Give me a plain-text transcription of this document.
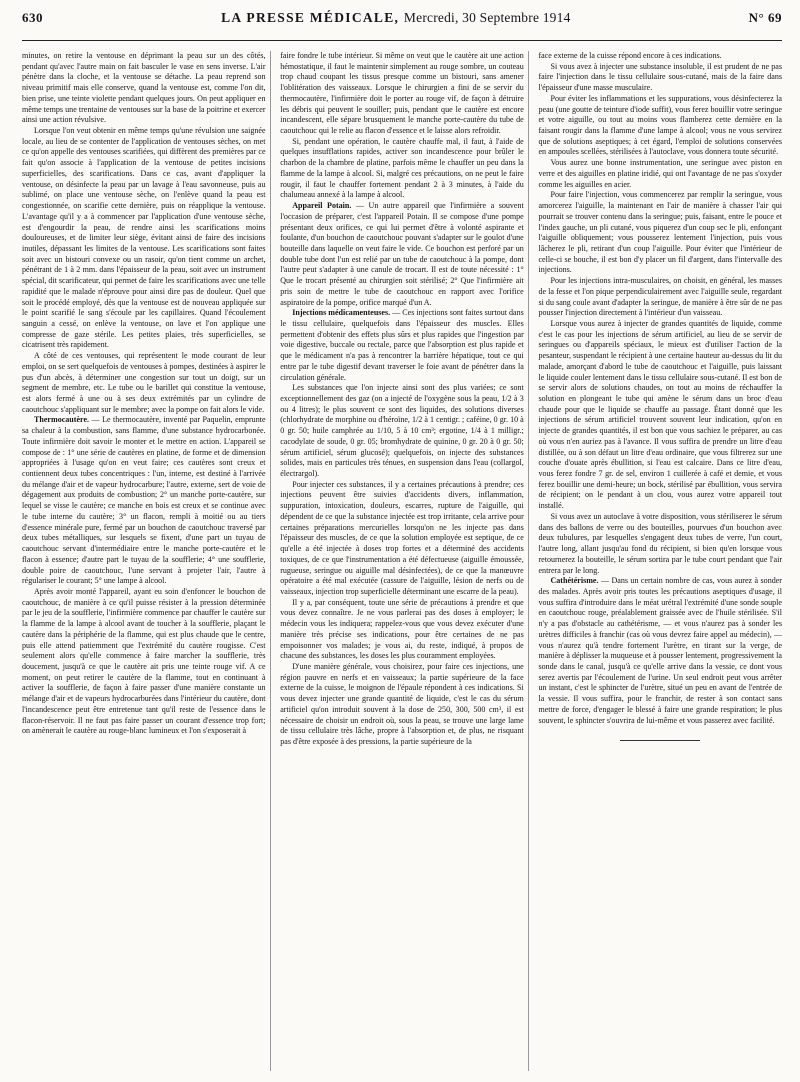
630	LA PRESSE MÉDICALE, Mercredi, 30 Septembre 1914	N° 69

minutes, on retire la ventouse en déprimant la peau sur un des côtés, pendant qu'avec l'autre main on fait basculer le vase en sens inverse. L'air pénètre dans la cloche, et la ventouse se détache. La peau reprend son niveau primitif mais elle conserve, quand la ventouse est, comme l'on dit, bien prise, une teinte violette pendant quelques jours. On peut appliquer en même temps une trentaine de ventouses sur la base de la poitrine et exercer ainsi une action révulsive.

Lorsque l'on veut obtenir en même temps qu'une révulsion une saignée locale, au lieu de se contenter de l'application de ventouses sèches, on met ce qu'on appelle des ventouses scarifiées, qui diffèrent des premières par ce fait qu'on associe à l'application de la ventouse de petites incisions superficielles, des scarifications. Dans ce cas, avant d'appliquer la ventouse, on désinfecte la peau par un lavage à l'eau savonneuse, puis au sublimé, on place une ventouse sèche, on l'enlève quand la peau est congestionnée, on scarifie cette dernière, puis on réapplique la ventouse. L'avantage qu'il y a à commencer par l'application d'une ventouse sèche, est d'engourdir la peau, de rendre ainsi les scarifications moins douloureuses, et de limiter leur siège, évitant ainsi de faire des incisions inutiles, dépassant les limites de la ventouse. Les scarifications sont faites soit avec un bistouri convexe ou un rasoir, qu'on tient comme un archet, pénétrant de 1 à 2 mm. dans l'épaisseur de la peau, soit avec un instrument spécial, dit scarificateur, qui permet de faire les scarifications avec une telle rapidité que le malade n'éprouve pour ainsi dire pas de douleur. Quel que soit le procédé employé, dès que la ventouse est de nouveau appliquée sur le point scarifié le sang s'écoule par les capillaires. Quand l'écoulement sanguin a cessé, on enlève la ventouse, on lave et l'on applique une compresse de gaze stérile. Les petites plaies, très superficielles, se cicatrisent très rapidement.

A côté de ces ventouses, qui représentent le mode courant de leur emploi, on se sert quelquefois de ventouses à pompes, destinées à aspirer le pus d'un abcès, à déterminer une congestion sur tout un doigt, sur un segment de membre, etc. Le tube ou le barillet qui constitue la ventouse, est alors fermé à une ou à ses deux extrémités par un cylindre de caoutchouc s'appliquant sur le membre; avec la pompe on fait alors le vide.

Thermocautère. — Le thermocautère, inventé par Paquelin, emprunte sa chaleur à la combustion, sans flamme, d'une substance hydrocarbonée. Toute infirmière doit savoir le monter et le mettre en action. L'appareil se compose de : 1° une série de cautères en platine, de forme et de dimension appropriées à l'usage qu'on en veut faire; ces cautères sont creux et contiennent deux tubes concentriques : l'un, interne, est destiné à l'arrivée du mélange d'air et de vapeur hydrocarbure; l'autre, externe, sert de voie de dégagement aux produits de combustion; 2° un manche porte-cautère, sur lequel se visse le cautère; ce manche en bois est creux et se continue avec le tube interne du cautère; 3° un flacon, rempli à moitié ou au tiers d'essence minérale pure, fermé par un bouchon de caoutchouc traversé par deux tubes métalliques, sur lesquels se fixent, d'une part un tuyau de caoutchouc servant d'intermédiaire entre le manche porte-cautère et le flacon à essence; d'autre part le tuyau de la soufflerie; 4° une soufflerie, double poire de caoutchouc, l'une servant à projeter l'air, l'autre à régulariser le courant; 5° une lampe à alcool.

Après avoir monté l'appareil, ayant eu soin d'enfoncer le bouchon de caoutchouc, de manière à ce qu'il puisse résister à la pression déterminée par le jeu de la soufflerie, l'infirmière commence par chauffer le cautère sur la flamme de la lampe à alcool avant de toucher à la soufflerie, plaçant le cautère dans la périphérie de la flamme, qui est plus chaude que le centre, puis elle attend patiemment que l'extrémité du cautère rougisse. C'est seulement alors qu'elle commence à faire marcher la soufflerie, très doucement, jusqu'à ce que le cautère ait pris une teinte rouge vif. A ce moment, on peut retirer le cautère de la flamme, tout en continuant à activer la soufflerie, de façon à faire passer d'une manière constante un mélange d'air et de vapeurs hydrocarburées dans l'intérieur du cautère, dont l'incandescence peut être entretenue tant qu'il reste de l'essence dans le flacon-réservoir. Il ne faut pas faire passer un courant d'essence trop fort; on amènerait le cautère au rouge-blanc lumineux et l'on s'exposerait à

faire fondre le tube intérieur. Si même on veut que le cautère ait une action hémostatique, il faut le maintenir simplement au rouge sombre, un couteau trop chaud coupant les tissus presque comme un bistouri, sans amener l'oblitération des vaisseaux. Lorsque le chirurgien a fini de se servir du thermocautère, l'infirmière doit le porter au rouge vif, de façon à détruire les débris qui peuvent le souiller; puis, pendant que le cautère est encore incandescent, elle sépare brusquement le manche porte-cautère du tube de caoutchouc qui le relie au flacon d'essence et le laisse alors refroidir.

Si, pendant une opération, le cautère chauffe mal, il faut, à l'aide de quelques insufflations rapides, activer son incandescence pour brûler le charbon de la chambre de platine, parfois même le chauffer un peu dans la flamme de la lampe à alcool. Si, malgré ces précautions, on ne peut le faire rougir, il faut le chauffer fortement pendant 2 à 3 minutes, à l'aide du chalumeau annexé à la lampe à alcool.

Appareil Potain. — Un autre appareil que l'infirmière a souvent l'occasion de préparer, c'est l'appareil Potain. Il se compose d'une pompe présentant deux orifices, ce qui lui permet d'être à volonté aspirante et foulante, d'un bouchon de caoutchouc pouvant s'adapter sur le goulot d'une bouteille dans laquelle on veut faire le vide. Ce bouchon est perforé par un double tube dont l'un est relié par un tube de caoutchouc à la pompe, dont l'autre peut s'adapter à une canule de trocart. Il est de toute nécessité : 1° Que le trocart présenté au chirurgien soit stérilisé; 2° Que l'infirmière ait pris soin de mettre le tube de caoutchouc en rapport avec l'orifice aspiratoire de la pompe, orifice marqué d'un A.

Injections médicamenteuses. — Ces injections sont faites surtout dans le tissu cellulaire, quelquefois dans l'épaisseur des muscles. Elles permettent d'obtenir des effets plus sûrs et plus rapides que l'ingestion par voie digestive, buccale ou rectale, parce que l'absorption est plus rapide et que le médicament n'a pas à rencontrer la barrière hépatique, tout ce qui entre par le tube digestif devant traverser le foie avant de pénétrer dans la circulation générale.

Les substances que l'on injecte ainsi sont des plus variées; ce sont exceptionnellement des gaz (on a injecté de l'oxygène sous la peau, 1/2 à 3 ou 4 litres); le plus souvent ce sont des liquides, des solutions diverses (chlorhydrate de morphine ou d'héroïne, 1/2 à 1 centigr. ; caféine, 0 gr. 10 à 0 gr. 50; huile camphrée au 1/10, 5 à 10 cm³; ergotine, 1/4 à 1 milligr.; cacodylate de soude, 0 gr. 05; bromhydrate de quinine, 0 gr. 20 à 0 gr. 50; sérum artificiel, sérum glucosé); quelquefois, on injecte des substances solides, mais en particules très ténues, en suspension dans l'eau (collargol, électrargol).

Pour injecter ces substances, il y a certaines précautions à prendre; ces injections peuvent être suivies d'accidents divers, inflammation, suppuration, intoxication, douleurs, escarres, rupture de l'aiguille, qui dépendent de ce que la substance injectée est trop irritante, cela arrive pour certaines préparations mercurielles lorsqu'on ne les injecte pas dans l'épaisseur des muscles, de ce que la solution employée est septique, de ce qu'elle a été injectée à doses trop fortes et a déterminé des accidents toxiques, de ce que l'instrumentation a été défectueuse (aiguille émoussée, rugueuse, seringue ou aiguille mal désinfectées), de ce que la manœuvre opératoire a été mal exécutée (cassure de l'aiguille, lésion de nerfs ou de vaisseaux, injection trop superficielle déterminant une escarre de la peau).

Il y a, par conséquent, toute une série de précautions à prendre et que vous devez connaître. Je ne vous parlerai pas des doses à employer; le médecin vous les indiquera; rappelez-vous que vous devez exécuter d'une manière très précise ses indications, pour être certaines de ne pas empoisonner vos malades; je vous ai, du reste, indiqué, à propos de chacune des substances, les doses les plus couramment employées.

D'une manière générale, vous choisirez, pour faire ces injections, une région pauvre en nerfs et en vaisseaux; la partie supérieure de la face externe de la cuisse, le moignon de l'épaule répondent à ces indications. Si vous devez injecter une grande quantité de liquide, c'est le cas du sérum artificiel qu'on introduit souvent à la dose de 250, 300, 500 cm³, il est nécessaire de choisir un endroit où, sous la peau, se trouve une large lame de tissu cellulaire très lâche, propre à l'absorption et, de plus, ne risquant pas d'être exposée à des pressions, la partie supérieure de la

face externe de la cuisse répond encore à ces indications.

Si vous avez à injecter une substance insoluble, il est prudent de ne pas faire l'injection dans le tissu cellulaire sous-cutané, mais de la faire dans l'épaisseur d'une masse musculaire.

Pour éviter les inflammations et les suppurations, vous désinfecterez la peau (une goutte de teinture d'iode suffit), vous ferez bouillir votre seringue et votre aiguille, ou tout au moins vous flamberez cette dernière en la faisant rougir dans la flamme d'une lampe à alcool; vous ne vous servirez que de solutions aseptiques; à cet égard, l'emploi de solutions conservées en ampoules scellées, stérilisées à l'autoclave, vous donnera toute sécurité.

Vous aurez une bonne instrumentation, une seringue avec piston en verre et des aiguilles en platine iridié, qui ont l'avantage de ne pas s'oxyder comme les aiguilles en acier.

Pour faire l'injection, vous commencerez par remplir la seringue, vous amorcerez l'aiguille, la maintenant en l'air de manière à chasser l'air qui pourrait se trouver contenu dans la seringue; puis, faisant, entre le pouce et l'index gauche, un pli cutané, vous piquerez d'un coup sec le pli, enfonçant l'aiguille obliquement; vous pousserez lentement l'injection, puis vous lâcherez le pli, retirant d'un coup l'aiguille. Pour éviter que l'intérieur de celle-ci se bouche, il est bon d'y placer un fil d'argent, dans l'intervalle des injections.

Pour les injections intra-musculaires, on choisit, en général, les masses de la fesse et l'on pique perpendiculairement avec l'aiguille seule, regardant si du sang coule avant d'adapter la seringue, de manière à être sûr de ne pas pousser l'injection directement à l'intérieur d'un vaisseau.

Lorsque vous aurez à injecter de grandes quantités de liquide, comme c'est le cas pour les injections de sérum artificiel, au lieu de se servir de seringues ou d'appareils spéciaux, le mieux est d'utiliser l'action de la pesanteur, suspendant le récipient à une certaine hauteur au-dessus du lit du malade, amorçant d'abord le tube de caoutchouc et l'aiguille, puis laissant le liquide couler lentement dans le tissu cellulaire sous-cutané. Il est bon de se servir alors de solutions chaudes, on tout au moins de réchauffer la solution en plongeant le tube qui amène le sérum dans un broc d'eau chaude pour que le liquide se chauffe au passage. Étant donné que les injections de sérum artificiel trouvent souvent leur indication, qu'on en injecte de grandes quantités, il est bon que vous sachiez le préparer, au cas où vous n'en auriez pas à l'avance. Il vous suffira de prendre un litre d'eau distillée, ou à son défaut un litre d'eau ordinaire, que vous filtrerez sur une couche d'ouate après ébullition, si l'eau est calcaire. Dans ce litre d'eau, vous ferez fondre 7 gr. de sel, environ 1 cuillerée à café et demie, et vous ferez bouillir une demi-heure; un bock, stérilisé par ébullition, vous servira de récipient; on le pendant à un clou, vous aurez votre appareil tout installé.

Si vous avez un autoclave à votre disposition, vous stériliserez le sérum dans des ballons de verre ou des bouteilles, pourvues d'un bouchon avec deux tubulures, par lesquelles s'engagent deux tubes de verre, l'un court, l'autre long, allant jusqu'au fond du récipient, si bien qu'en lorsque vous retournerez la bouteille, le sérum sortira par le tube court pendant que l'air entrera par le long.

Cathétérisme. — Dans un certain nombre de cas, vous aurez à sonder des malades. Après avoir pris toutes les précautions aseptiques d'usage, il vous suffira d'introduire dans le méat urétral l'extrémité d'une sonde souple en caoutchouc rouge, préalablement graissée avec de l'huile stérilisée. S'il n'y a pas d'obstacle au cathétérisme, — et vous n'aurez pas à sonder les urètres difficiles à franchir (cas où vous devrez faire appel au médecin), — vous n'aurez qu'à tendre fortement l'urètre, en tirant sur la verge, de manière à déplisser la muqueuse et à pousser lentement, progressivement la sonde dans le canal, jusqu'à ce qu'elle arrive dans la vessie, ce dont vous serez avertis par l'écoulement de l'urine. Un seul endroit peut vous arrêter un instant, c'est le sphincter de l'urètre, situé un peu en avant de l'entrée de la vessie. Il vous suffira, pour le franchir, de rester à son contact sans mettre de force, d'engager le blessé à faire une grande respiration; le plus souvent, le sphincter s'ouvrira de lui-même et vous passerez avec facilité.
